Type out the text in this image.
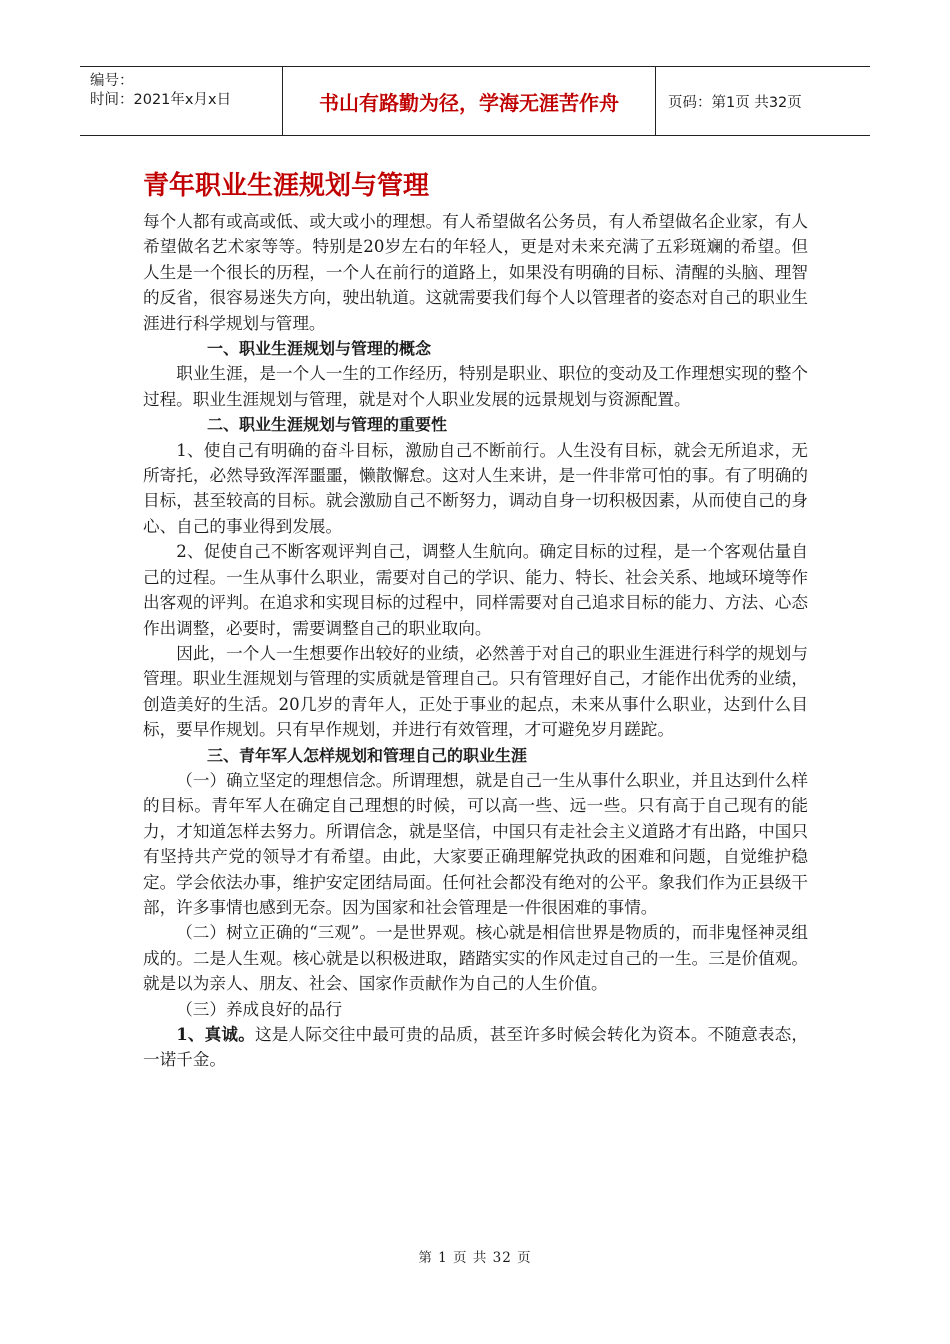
编号：
时间：2021年x月x日	书山有路勤为径，学海无涯苦作舟	页码：第1页 共32页
青年职业生涯规划与管理

每个人都有或高或低、或大或小的理想。有人希望做名公务员，有人希望做名企业家，有人希望做名艺术家等等。特别是20岁左右的年轻人，更是对未来充满了五彩斑斓的希望。但人生是一个很长的历程，一个人在前行的道路上，如果没有明确的目标、清醒的头脑、理智的反省，很容易迷失方向，驶出轨道。这就需要我们每个人以管理者的姿态对自己的职业生涯进行科学规划与管理。

一、职业生涯规划与管理的概念

职业生涯，是一个人一生的工作经历，特别是职业、职位的变动及工作理想实现的整个过程。职业生涯规划与管理，就是对个人职业发展的远景规划与资源配置。

二、职业生涯规划与管理的重要性

1、使自己有明确的奋斗目标，激励自己不断前行。人生没有目标，就会无所追求，无所寄托，必然导致浑浑噩噩，懒散懈怠。这对人生来讲，是一件非常可怕的事。有了明确的目标，甚至较高的目标。就会激励自己不断努力，调动自身一切积极因素，从而使自己的身心、自己的事业得到发展。

2、促使自己不断客观评判自己，调整人生航向。确定目标的过程，是一个客观估量自己的过程。一生从事什么职业，需要对自己的学识、能力、特长、社会关系、地域环境等作出客观的评判。在追求和实现目标的过程中，同样需要对自己追求目标的能力、方法、心态作出调整，必要时，需要调整自己的职业取向。

因此，一个人一生想要作出较好的业绩，必然善于对自己的职业生涯进行科学的规划与管理。职业生涯规划与管理的实质就是管理自己。只有管理好自己，才能作出优秀的业绩，创造美好的生活。20几岁的青年人，正处于事业的起点，未来从事什么职业，达到什么目标，要早作规划。只有早作规划，并进行有效管理，才可避免岁月蹉跎。

三、青年军人怎样规划和管理自己的职业生涯

（一）确立坚定的理想信念。所谓理想，就是自己一生从事什么职业，并且达到什么样的目标。青年军人在确定自己理想的时候，可以高一些、远一些。只有高于自己现有的能力，才知道怎样去努力。所谓信念，就是坚信，中国只有走社会主义道路才有出路，中国只有坚持共产党的领导才有希望。由此，大家要正确理解党执政的困难和问题，自觉维护稳定。学会依法办事，维护安定团结局面。任何社会都没有绝对的公平。象我们作为正县级干部，许多事情也感到无奈。因为国家和社会管理是一件很困难的事情。

（二）树立正确的“三观”。一是世界观。核心就是相信世界是物质的，而非鬼怪神灵组成的。二是人生观。核心就是以积极进取，踏踏实实的作风走过自己的一生。三是价值观。就是以为亲人、朋友、社会、国家作贡献作为自己的人生价值。

（三）养成良好的品行

1、真诚。这是人际交往中最可贵的品质，甚至许多时候会转化为资本。不随意表态，一诺千金。

第 1 页 共 32 页
